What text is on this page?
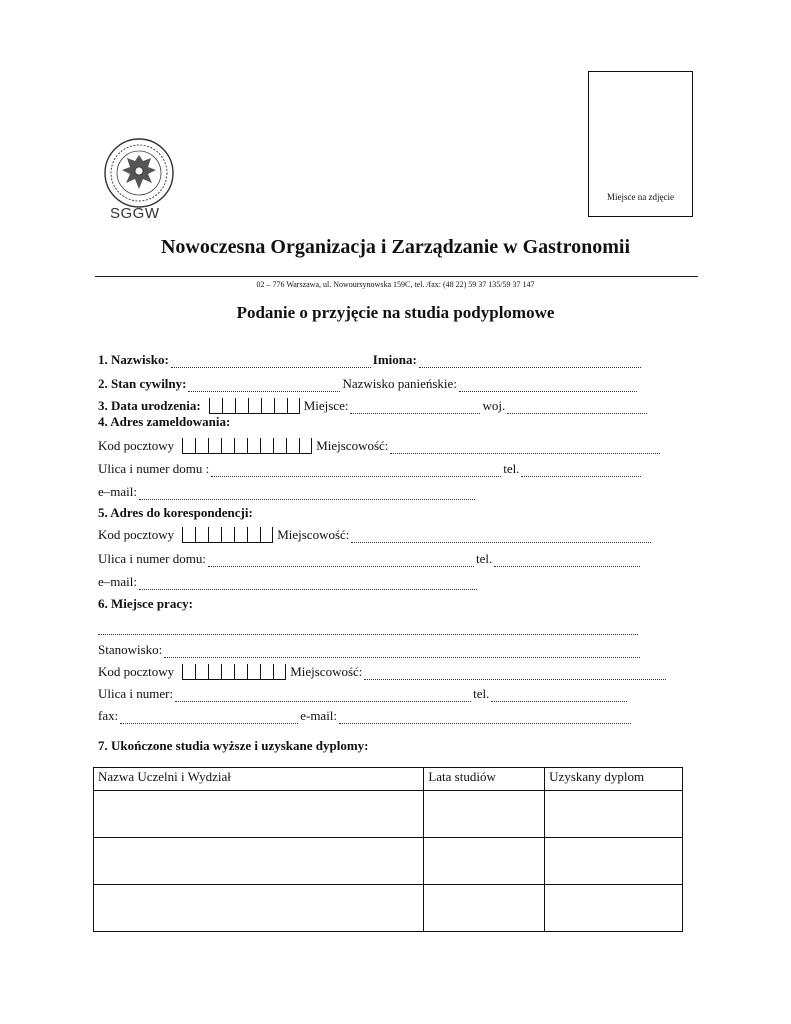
Miejsce na zdjęcie
SGGW
Nowoczesna Organizacja i Zarządzanie w Gastronomii
02 – 776 Warszawa, ul. Nowoursynowska 159C, tel. /fax: (48 22) 59 37 135/59 37 147
Podanie o przyjęcie na studia podyplomowe
1. Nazwisko:	Imiona:
2. Stan cywilny:	Nazwisko panieńskie:
3. Data urodzenia:	Miejsce:	woj.
4. Adres zameldowania:
Kod pocztowy	Miejscowość:
Ulica i numer domu :	tel.
e–mail:
5. Adres do korespondencji:
Kod pocztowy	Miejscowość:
Ulica i numer domu:	tel.
e–mail:
6. Miejsce pracy:
Stanowisko:
Kod pocztowy	Miejscowość:
Ulica i numer:	tel.
fax:	e-mail:
7. Ukończone studia wyższe i uzyskane dyplomy:
Nazwa Uczelni i Wydział	Lata studiów	Uzyskany dyplom
